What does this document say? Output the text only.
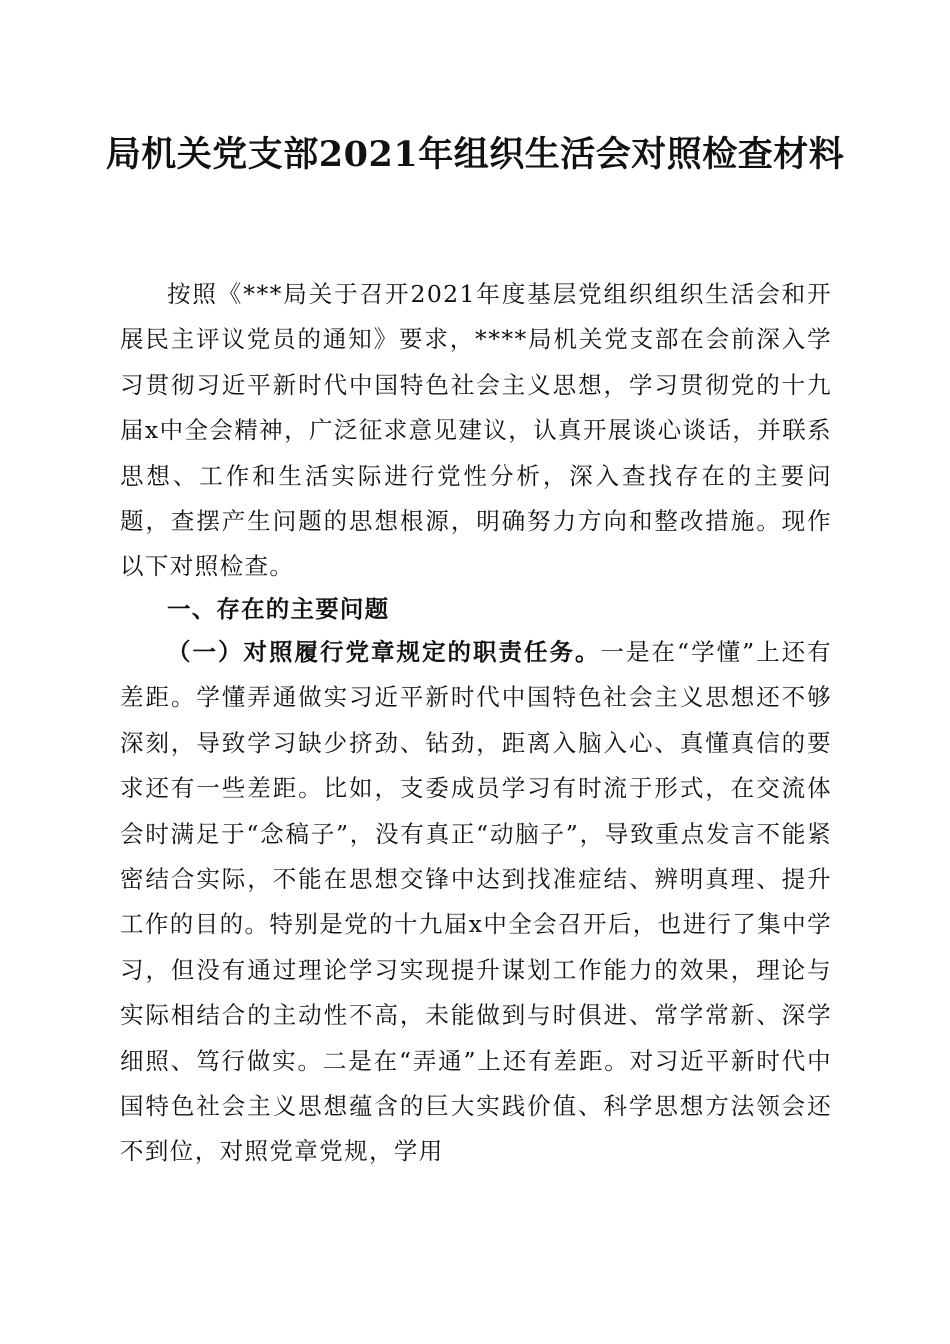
局机关党支部2021年组织生活会对照检查材料

按照《***局关于召开2021年度基层党组织组织生活会和开展民主评议党员的通知》要求，****局机关党支部在会前深入学习贯彻习近平新时代中国特色社会主义思想，学习贯彻党的十九届x中全会精神，广泛征求意见建议，认真开展谈心谈话，并联系思想、工作和生活实际进行党性分析，深入查找存在的主要问题，查摆产生问题的思想根源，明确努力方向和整改措施。现作以下对照检查。

一、存在的主要问题

（一）对照履行党章规定的职责任务。一是在“学懂”上还有差距。学懂弄通做实习近平新时代中国特色社会主义思想还不够深刻，导致学习缺少挤劲、钻劲，距离入脑入心、真懂真信的要求还有一些差距。比如，支委成员学习有时流于形式，在交流体会时满足于“念稿子”，没有真正“动脑子”，导致重点发言不能紧密结合实际，不能在思想交锋中达到找准症结、辨明真理、提升工作的目的。特别是党的十九届x中全会召开后，也进行了集中学习，但没有通过理论学习实现提升谋划工作能力的效果，理论与实际相结合的主动性不高，未能做到与时俱进、常学常新、深学细照、笃行做实。二是在“弄通”上还有差距。对习近平新时代中国特色社会主义思想蕴含的巨大实践价值、科学思想方法领会还不到位，对照党章党规，学用
